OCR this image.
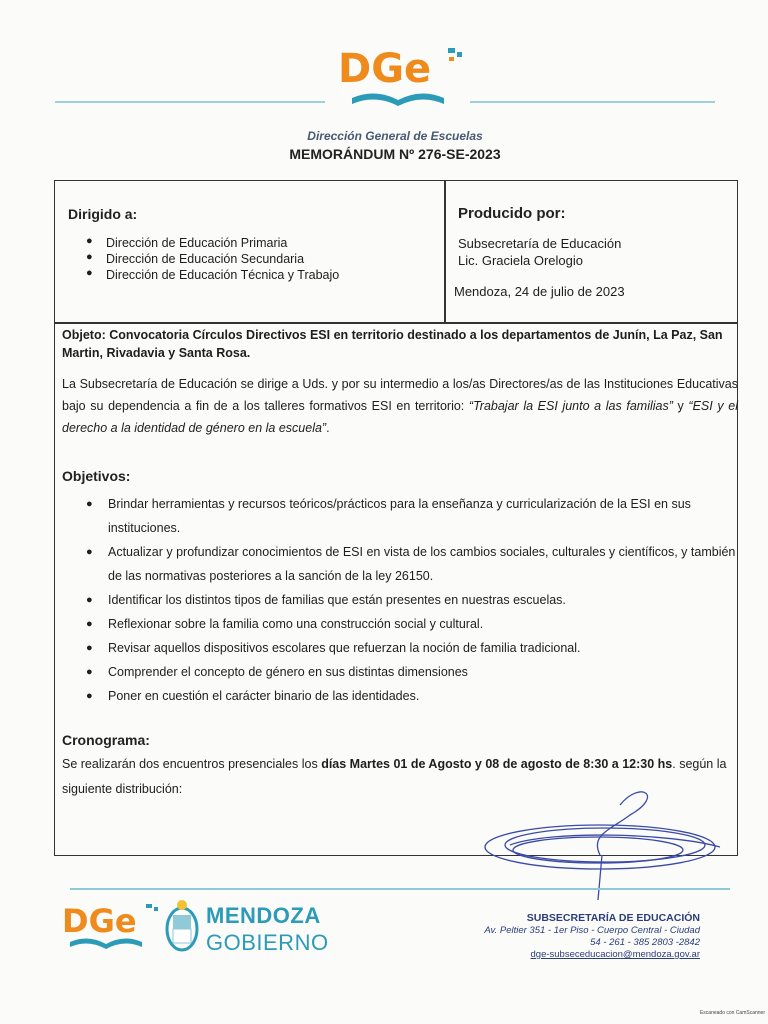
DGe
Dirección General de Escuelas
MEMORÁNDUM Nº 276-SE-2023
Dirigido a:
● Dirección de Educación Primaria
● Dirección de Educación Secundaria
● Dirección de Educación Técnica y Trabajo
Producido por:
Subsecretaría de Educación
Lic. Graciela Orelogio
Mendoza, 24 de julio de 2023
Objeto: Convocatoria Círculos Directivos ESI en territorio destinado a los departamentos de Junín, La Paz, San Martin, Rivadavia y Santa Rosa.
La Subsecretaría de Educación se dirige a Uds. y por su intermedio a los/as Directores/as de las Instituciones Educativas bajo su dependencia a fin de a los talleres formativos ESI en territorio: “Trabajar la ESI junto a las familias” y “ESI y el derecho a la identidad de género en la escuela”.
Objetivos:
● Brindar herramientas y recursos teóricos/prácticos para la enseñanza y curricularización de la ESI en sus instituciones.
● Actualizar y profundizar conocimientos de ESI en vista de los cambios sociales, culturales y científicos, y también de las normativas posteriores a la sanción de la ley 26150.
● Identificar los distintos tipos de familias que están presentes en nuestras escuelas.
● Reflexionar sobre la familia como una construcción social y cultural.
● Revisar aquellos dispositivos escolares que refuerzan la noción de familia tradicional.
● Comprender el concepto de género en sus distintas dimensiones
● Poner en cuestión el carácter binario de las identidades.
Cronograma:
Se realizarán dos encuentros presenciales los días Martes 01 de Agosto y 08 de agosto de 8:30 a 12:30 hs. según la siguiente distribución:
DGe	MENDOZA
GOBIERNO
SUBSECRETARÍA DE EDUCACIÓN
Av. Peltier 351 - 1er Piso - Cuerpo Central - Ciudad
54 - 261 - 385 2803 -2842
dge-subseceducacion@mendoza.gov.ar
Escaneado con CamScanner
